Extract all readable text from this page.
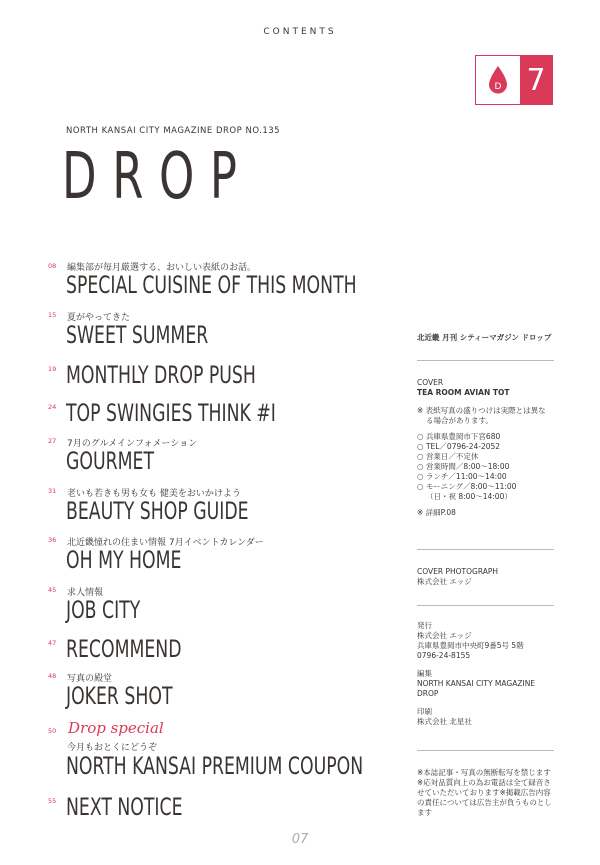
CONTENTS
D 7
NORTH KANSAI CITY MAGAZINE DROP NO.135
DROP
08 編集部が毎月厳選する、おいしい表紙のお話。
SPECIAL CUISINE OF THIS MONTH
15 夏がやってきた
SWEET SUMMER
19 MONTHLY DROP PUSH
24 TOP SWINGIES THINK #I
27 7月のグルメインフォメーション
GOURMET
31 老いも若きも男も女も 健美をおいかけよう
BEAUTY SHOP GUIDE
36 北近畿憧れの住まい情報 7月イベントカレンダー
OH MY HOME
45 求人情報
JOB CITY
47 RECOMMEND
48 写真の殿堂
JOKER SHOT
50 Drop special
今月もおとくにどうぞ
NORTH KANSAI PREMIUM COUPON
55 NEXT NOTICE
北近畿 月刊 シティーマガジン ドロップ
COVER
TEA ROOM AVIAN TOT
※ 表紙写真の盛りつけは実際とは異な
る場合があります。
○ 兵庫県豊岡市下宮680
○ TEL／0796-24-2052
○ 営業日／不定休
○ 営業時間／8:00～18:00
○ ランチ／11:00～14:00
○ モーニング／8:00～11:00
（日・祝 8:00～14:00）
※ 詳細P.08
COVER PHOTOGRAPH
株式会社 エッジ
発行
株式会社 エッジ
兵庫県豊岡市中央町9番5号 5階
0796-24-8155
編集
NORTH KANSAI CITY MAGAZINE
DROP
印刷
株式会社 北星社
※本誌記事・写真の無断転写を禁じます
※応対品質向上の為お電話は全て録音さ
せていただいております※掲載広告内容
の責任については広告主が負うものとし
ます
07
